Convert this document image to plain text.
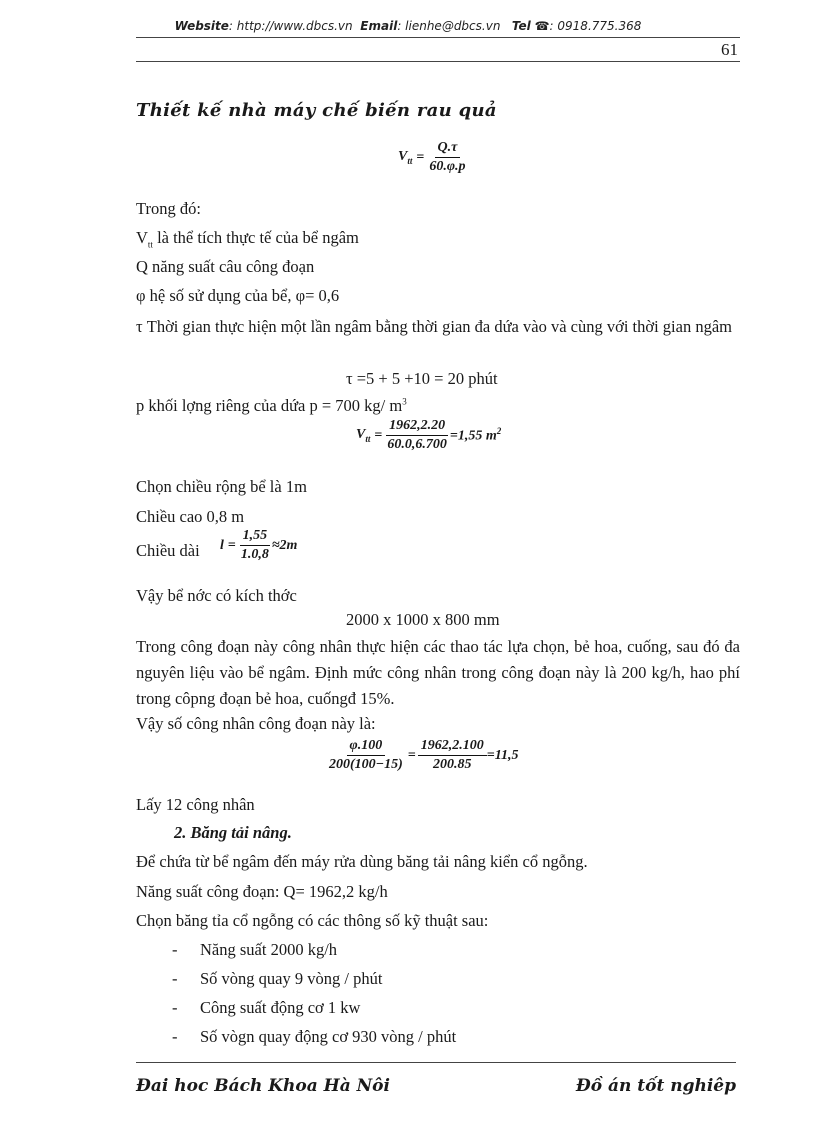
Website: http://www.dbcs.vn Email: lienhe@dbcs.vn Tel ☎: 0918.775.368
61
Thiết kế nhà máy chế biến rau quả
$V_{tt} = \frac{Q.\tau}{60.\varphi.p}$
Trong đó:
$V_{tt}$ là thể tích thực tế của bể ngâm
Q năng suất câu công đoạn
φ hệ số sử dụng của bể, φ= 0,6
τ Thời gian thực hiện một lần ngâm bằng thời gian đa dứa vào và cùng với thời gian ngâm
τ =5 + 5 +10 = 20 phút
p khối lợng riêng của dứa p = 700 kg/ $m^3$
$V_{tt} = \frac{1962,2.20}{60.0,6.700} =1,55$ $m^2$
Chọn chiều rộng bể là 1m
Chiều cao 0,8 m
Chiều dài $l = \frac{1,55}{1.0,8} \approx 2m$
Vậy bể nớc có kích thớc
2000 x 1000 x 800 mm
Trong công đoạn này công nhân thực hiện các thao tác lựa chọn, bẻ hoa, cuống, sau đó đa nguyên liệu vào bể ngâm. Định mức công nhân trong công đoạn này là 200 kg/h, hao phí trong côpng đoạn bẻ hoa, cuốngđ 15%.
Vậy số công nhân công đoạn này là:
$\frac{\varphi.100}{200(100-15)} = \frac{1962,2.100}{200.85} =11,5$
Lấy 12 công nhân
2. Băng tải nâng.
Để chứa từ bể ngâm đến máy rửa dùng băng tải nâng kiển cổ ngỗng.
Năng suất công đoạn: Q= 1962,2 kg/h
Chọn băng tỉa cổ ngỗng có các thông số kỹ thuật sau:
- Năng suất 2000 kg/h
- Số vòng quay 9 vòng / phút
- Công suất động cơ 1 kw
- Số vògn quay động cơ 930 vòng / phút
Đai hoc Bách Khoa Hà Nôi	Đồ án tốt nghiêp
